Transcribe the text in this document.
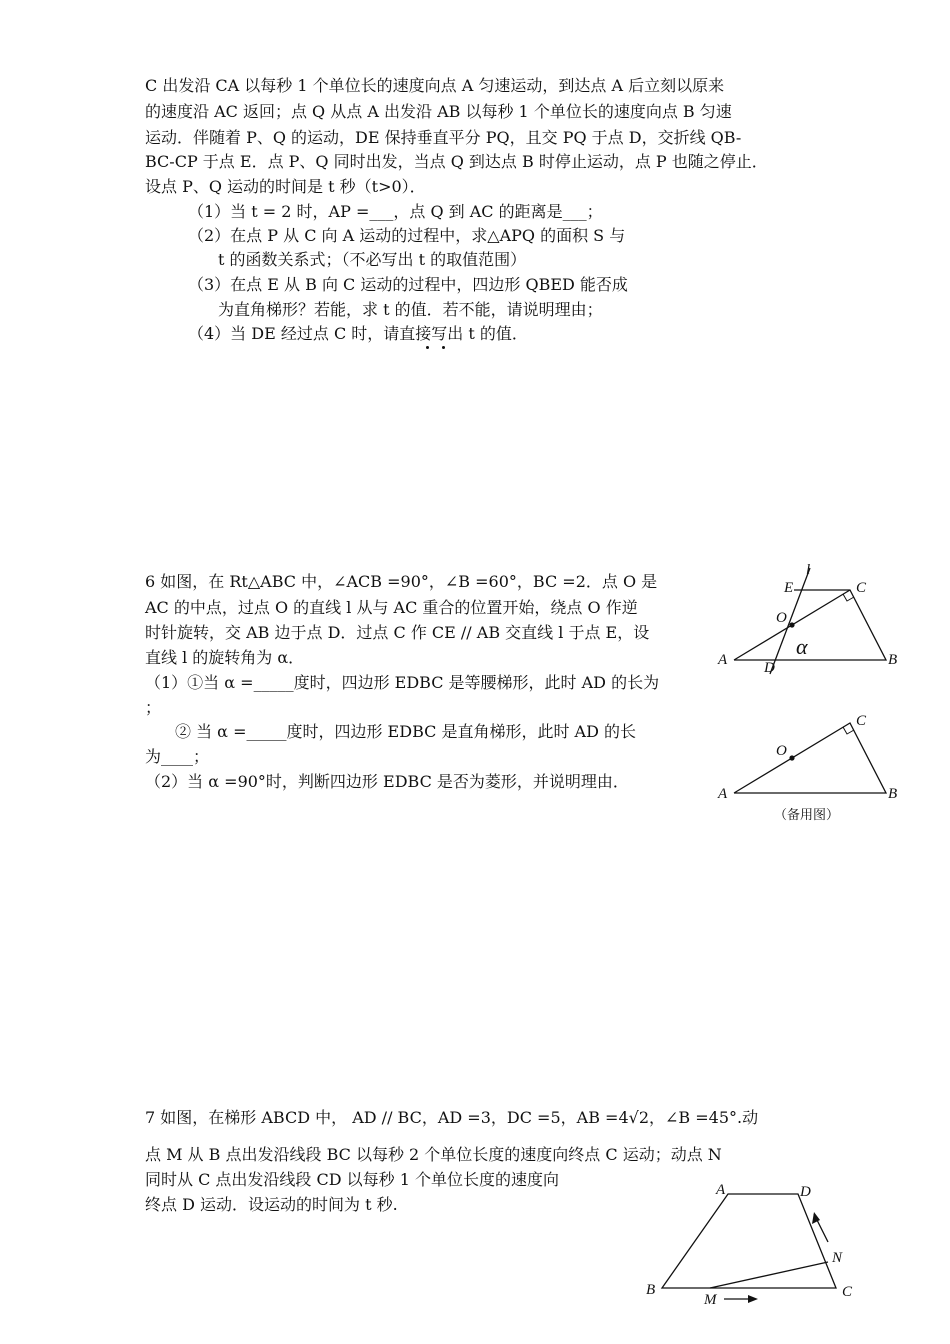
C 出发沿 CA 以每秒 1 个单位长的速度向点 A 匀速运动，到达点 A 后立刻以原来
的速度沿 AC 返回；点 Q 从点 A 出发沿 AB 以每秒 1 个单位长的速度向点 B 匀速
运动．伴随着 P、Q 的运动，DE 保持垂直平分 PQ，且交 PQ 于点 D，交折线 QB-
BC-CP 于点 E．点 P、Q 同时出发，当点 Q 到达点 B 时停止运动，点 P 也随之停止．
设点 P、Q 运动的时间是 t 秒（t>0）．
（1）当 t = 2 时，AP =___，点 Q 到 AC 的距离是___；
（2）在点 P 从 C 向 A 运动的过程中，求△APQ 的面积 S 与
t 的函数关系式；（不必写出 t 的取值范围）
（3）在点 E 从 B 向 C 运动的过程中，四边形 QBED 能否成
为直角梯形？若能，求 t 的值．若不能，请说明理由；
（4）当 DE 经过点 C 时，请直接写出 t 的值．
6 如图，在 Rt△ABC 中，∠ACB =90°，∠B =60°，BC =2．点 O 是
AC 的中点，过点 O 的直线 l 从与 AC 重合的位置开始，绕点 O 作逆
时针旋转，交 AB 边于点 D．过点 C 作 CE // AB 交直线 l 于点 E，设
直线 l 的旋转角为 α．
（1）①当 α =_____度时，四边形 EDBC 是等腰梯形，此时 AD 的长为
；
② 当 α =_____度时，四边形 EDBC 是直角梯形，此时 AD 的长
为____；
（2）当 α =90°时，判断四边形 EDBC 是否为菱形，并说明理由．
l
E	C
O
α
A D	B
C
O
A	B
（备用图）
7 如图，在梯形 ABCD 中， AD // BC，AD =3，DC =5，AB =4√2，∠B =45°.动
点 M 从 B 点出发沿线段 BC 以每秒 2 个单位长度的速度向终点 C 运动；动点 N
同时从 C 点出发沿线段 CD 以每秒 1 个单位长度的速度向
终点 D 运动．设运动的时间为 t 秒.
A	D
N
B
M	C
